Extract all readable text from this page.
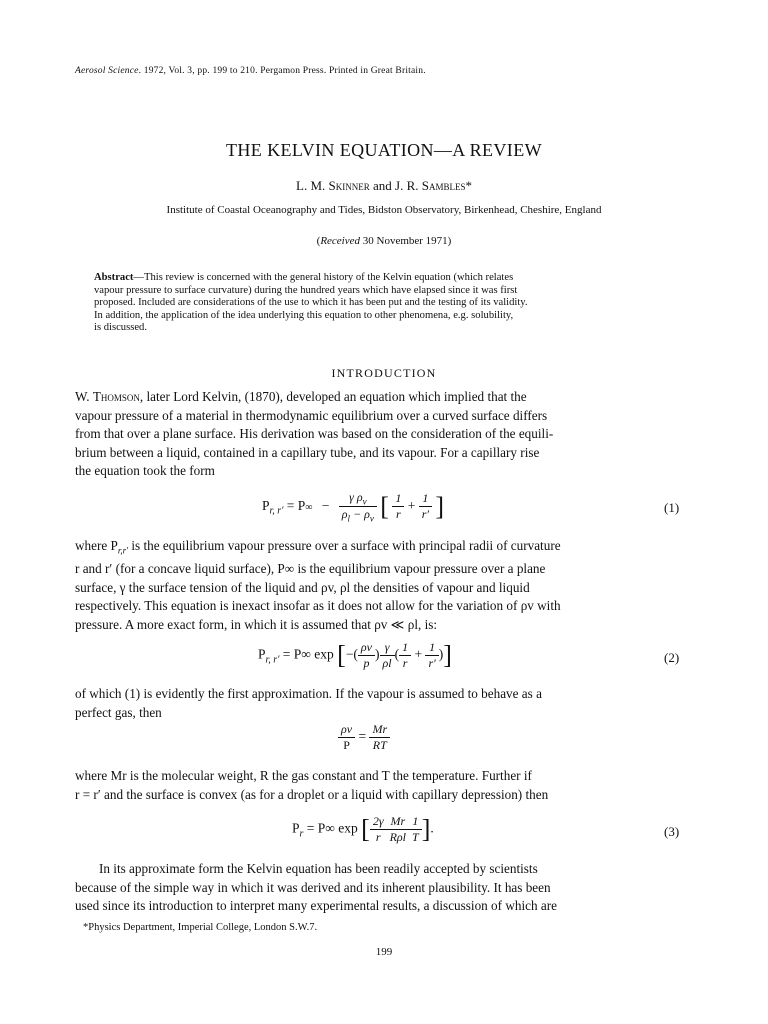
Aerosol Science. 1972, Vol. 3, pp. 199 to 210. Pergamon Press. Printed in Great Britain.
THE KELVIN EQUATION—A REVIEW
L. M. Skinner and J. R. Sambles*
Institute of Coastal Oceanography and Tides, Bidston Observatory, Birkenhead, Cheshire, England
(Received 30 November 1971)
Abstract—This review is concerned with the general history of the Kelvin equation (which relates
vapour pressure to surface curvature) during the hundred years which have elapsed since it was first
proposed. Included are considerations of the use to which it has been put and the testing of its validity.
In addition, the application of the idea underlying this equation to other phenomena, e.g. solubility,
is discussed.
INTRODUCTION
W. Thomson, later Lord Kelvin, (1870), developed an equation which implied that the
vapour pressure of a material in thermodynamic equilibrium over a curved surface differs
from that over a plane surface. His derivation was based on the consideration of the equili-
brium between a liquid, contained in a capillary tube, and its vapour. For a capillary rise
the equation took the form
$P_{r, r'} = P\infty - \frac{\gamma \rho_v}{\rho_l - \rho_v}$ [ $\frac{1}{r} + \frac{1}{r'}$ ]	(1)
where $P_{r,r'}$ is the equilibrium vapour pressure over a surface with principal radii of curvature
r and r′ (for a concave liquid surface), P∞ is the equilibrium vapour pressure over a plane
surface, γ the surface tension of the liquid and ρv, ρl the densities of vapour and liquid
respectively. This equation is inexact insofar as it does not allow for the variation of ρv with
pressure. A more exact form, in which it is assumed that ρv ≪ ρl, is:
$P_{r, r'} = P\infty$ exp [−( $\frac{\rho v}{p}$ ) $\frac{\gamma}{\rho l}$ ( $\frac{1}{r} + \frac{1}{r'}$ )]	(2)
of which (1) is evidently the first approximation. If the vapour is assumed to behave as a
perfect gas, then
$\frac{\rho v}{P} = \frac{Mr}{RT}$
where Mr is the molecular weight, R the gas constant and T the temperature. Further if
r = r′ and the surface is convex (as for a droplet or a liquid with capillary depression) then
$P_r = P\infty$ exp [ $\frac{2\gamma}{r} \frac{Mr}{\text{Rρl}} \frac{1}{T}$ ].	(3)
In its approximate form the Kelvin equation has been readily accepted by scientists
because of the simple way in which it was derived and its inherent plausibility. It has been
used since its introduction to interpret many experimental results, a discussion of which are
*Physics Department, Imperial College, London S.W.7.
199
